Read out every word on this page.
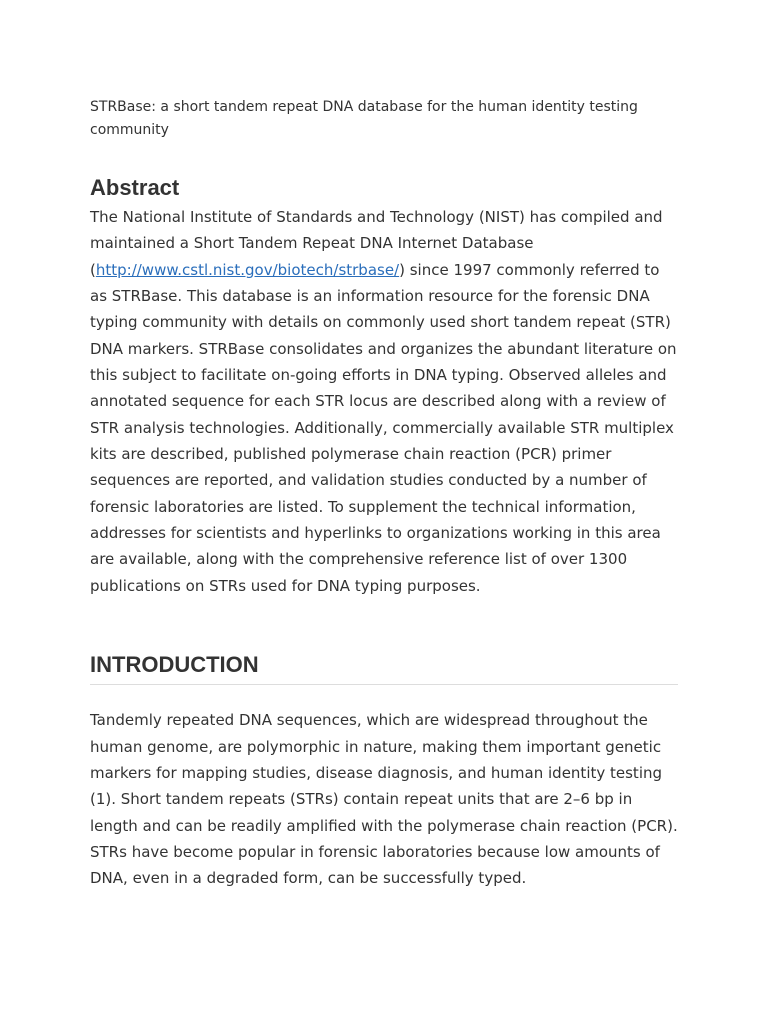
STRBase: a short tandem repeat DNA database for the human identity testing community

Abstract

The National Institute of Standards and Technology (NIST) has compiled and maintained a Short Tandem Repeat DNA Internet Database (http://www.cstl.nist.gov/biotech/strbase/) since 1997 commonly referred to as STRBase. This database is an information resource for the forensic DNA typing community with details on commonly used short tandem repeat (STR) DNA markers. STRBase consolidates and organizes the abundant literature on this subject to facilitate on-going efforts in DNA typing. Observed alleles and annotated sequence for each STR locus are described along with a review of STR analysis technologies. Additionally, commercially available STR multiplex kits are described, published polymerase chain reaction (PCR) primer sequences are reported, and validation studies conducted by a number of forensic laboratories are listed. To supplement the technical information, addresses for scientists and hyperlinks to organizations working in this area are available, along with the comprehensive reference list of over 1300 publications on STRs used for DNA typing purposes.

INTRODUCTION

Tandemly repeated DNA sequences, which are widespread throughout the human genome, are polymorphic in nature, making them important genetic markers for mapping studies, disease diagnosis, and human identity testing (1). Short tandem repeats (STRs) contain repeat units that are 2–6 bp in length and can be readily amplified with the polymerase chain reaction (PCR). STRs have become popular in forensic laboratories because low amounts of DNA, even in a degraded form, can be successfully typed.
